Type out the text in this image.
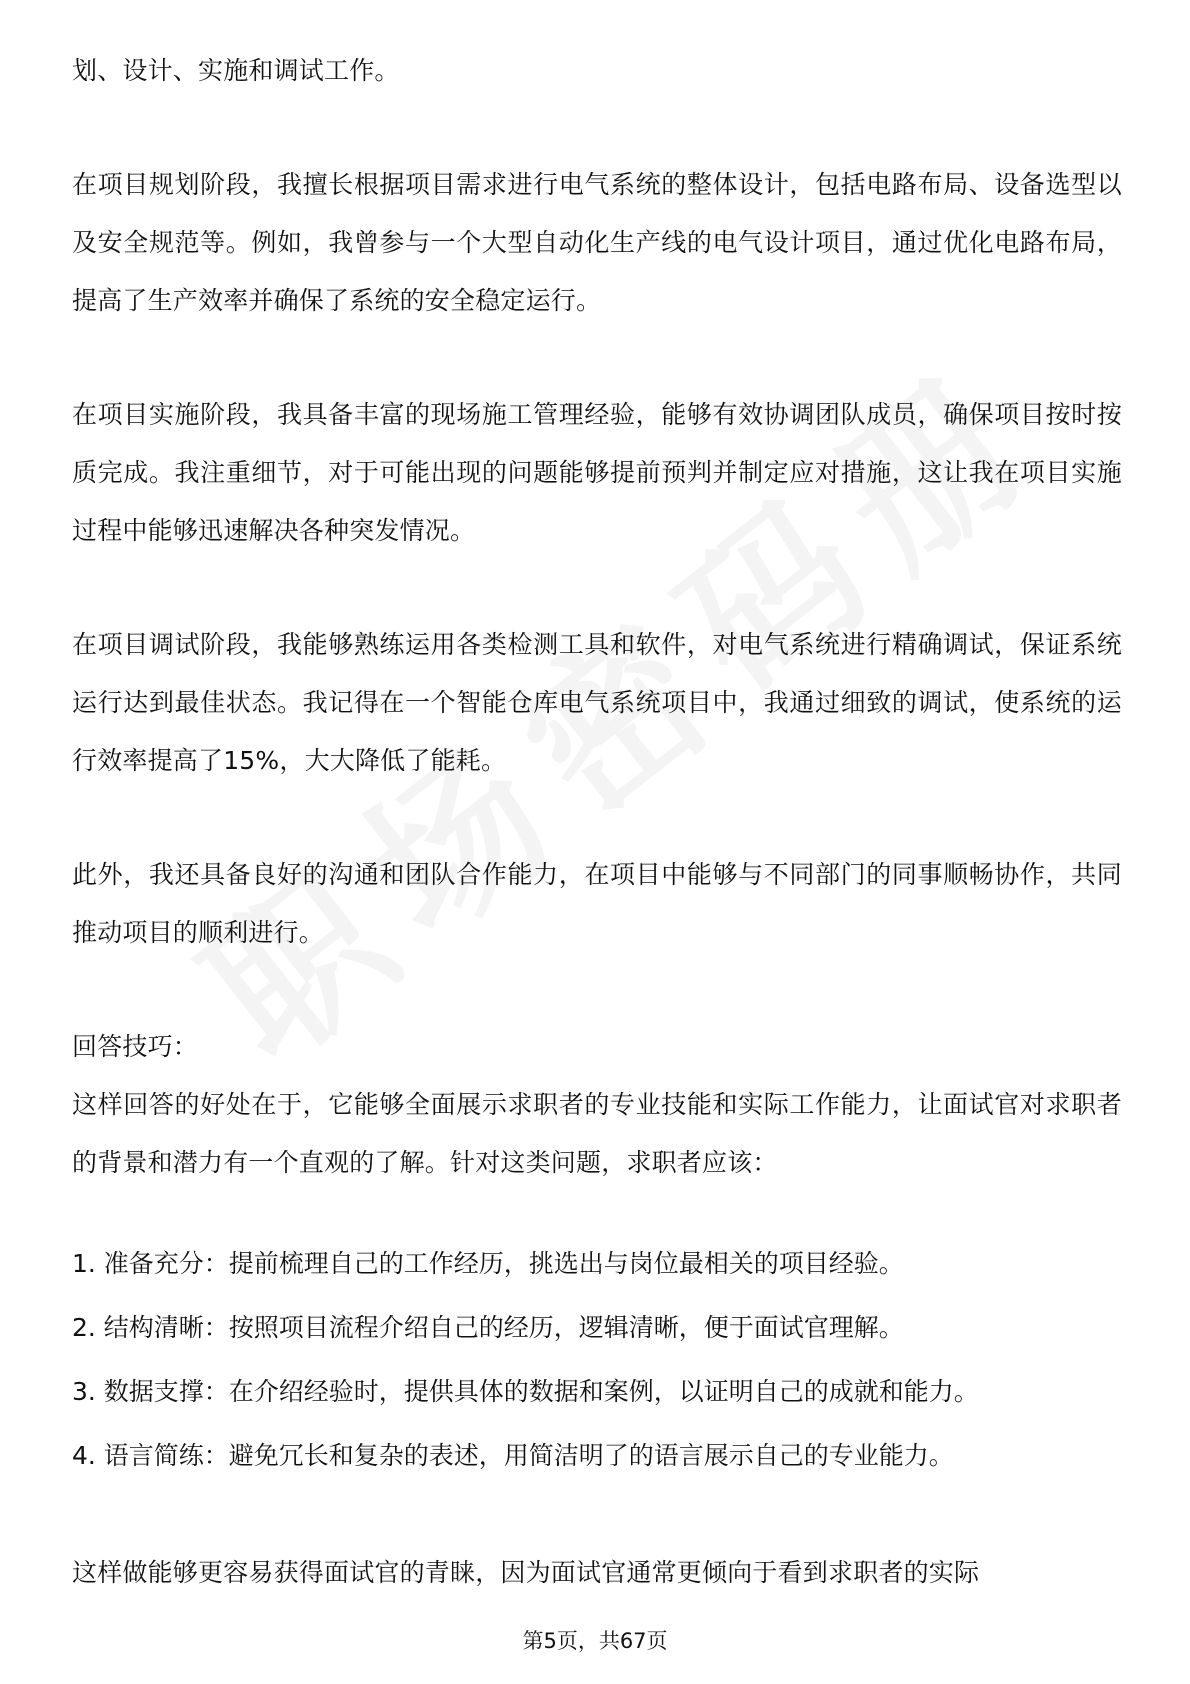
划、设计、实施和调试工作。

在项目规划阶段，我擅长根据项目需求进行电气系统的整体设计，包括电路布局、设备选型以及安全规范等。例如，我曾参与一个大型自动化生产线的电气设计项目，通过优化电路布局，提高了生产效率并确保了系统的安全稳定运行。

在项目实施阶段，我具备丰富的现场施工管理经验，能够有效协调团队成员，确保项目按时按质完成。我注重细节，对于可能出现的问题能够提前预判并制定应对措施，这让我在项目实施过程中能够迅速解决各种突发情况。

在项目调试阶段，我能够熟练运用各类检测工具和软件，对电气系统进行精确调试，保证系统运行达到最佳状态。我记得在一个智能仓库电气系统项目中，我通过细致的调试，使系统的运行效率提高了15%，大大降低了能耗。

此外，我还具备良好的沟通和团队合作能力，在项目中能够与不同部门的同事顺畅协作，共同推动项目的顺利进行。

回答技巧：

这样回答的好处在于，它能够全面展示求职者的专业技能和实际工作能力，让面试官对求职者的背景和潜力有一个直观的了解。针对这类问题，求职者应该：

1. 准备充分：提前梳理自己的工作经历，挑选出与岗位最相关的项目经验。
2. 结构清晰：按照项目流程介绍自己的经历，逻辑清晰，便于面试官理解。
3. 数据支撑：在介绍经验时，提供具体的数据和案例，以证明自己的成就和能力。
4. 语言简练：避免冗长和复杂的表述，用简洁明了的语言展示自己的专业能力。

这样做能够更容易获得面试官的青睐，因为面试官通常更倾向于看到求职者的实际

第5页，共67页
